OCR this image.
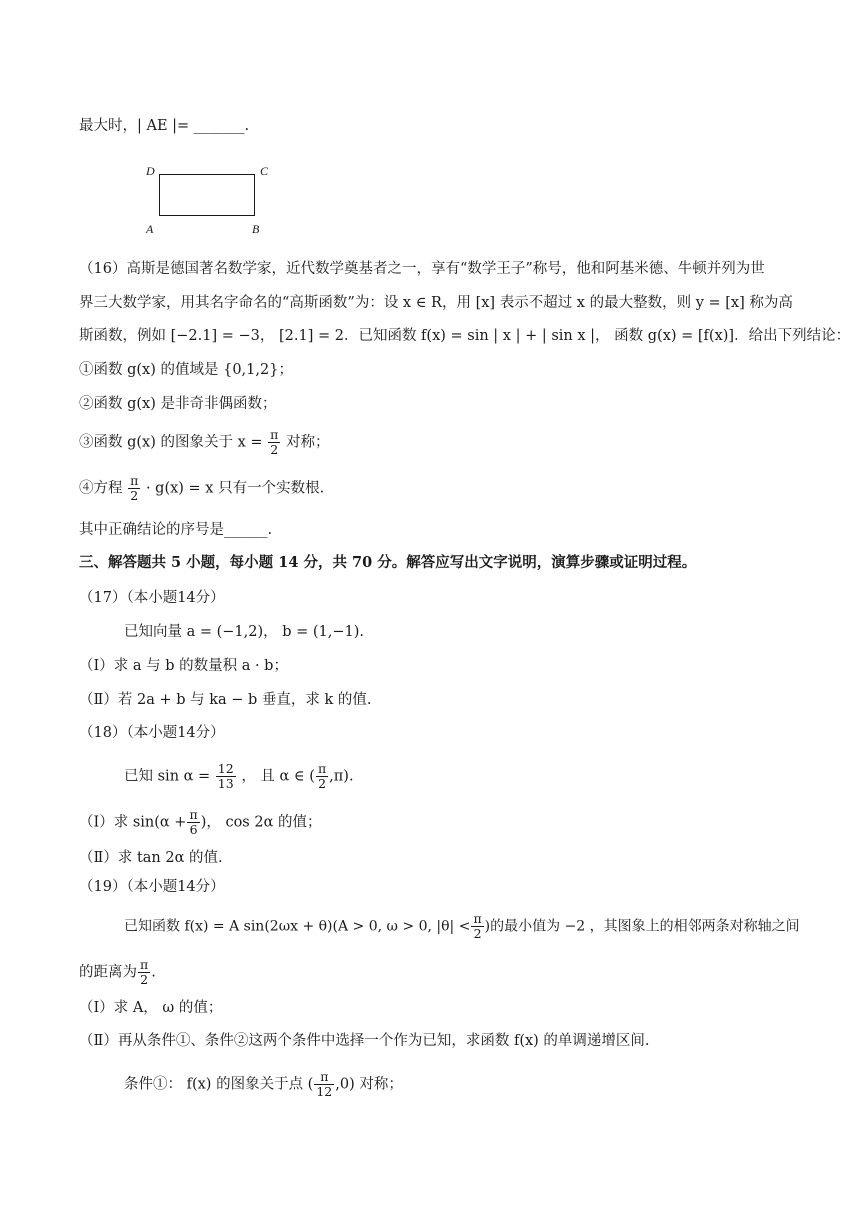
最大时，| AE |= _______.
D	C
A	B
（16）高斯是德国著名数学家，近代数学奠基者之一，享有“数学王子”称号，他和阿基米德、牛顿并列为世
界三大数学家，用其名字命名的“高斯函数”为：设 x ∈ R，用 [x] 表示不超过 x 的最大整数，则 y = [x] 称为高
斯函数，例如 [−2.1] = −3， [2.1] = 2．已知函数 f(x) = sin | x | + | sin x |， 函数 g(x) = [f(x)]．给出下列结论：
①函数 g(x) 的值域是 {0,1,2}；
②函数 g(x) 是非奇非偶函数；
③函数 g(x) 的图象关于 $x = \frac{\pi}{2}$ 对称；
④方程 $\frac{\pi}{2} \cdot g(x) = x$ 只有一个实数根.
其中正确结论的序号是______.
三、解答题共 5 小题，每小题 14 分，共 70 分。解答应写出文字说明，演算步骤或证明过程。
（17）（本小题14分）
已知向量 a = (−1,2)， b = (1,−1).
（Ⅰ）求 a 与 b 的数量积 a · b；
（Ⅱ）若 2a + b 与 ka − b 垂直，求 k 的值.
（18）（本小题14分）
已知 $\sin \alpha = \frac{12}{13}$ ， 且 α ∈ ( $\frac{\pi}{2} ,\pi$).
（Ⅰ）求 $\sin(\alpha + \frac{\pi}{6}$ )， cos 2α 的值；
（Ⅱ）求 tan 2α 的值.
（19）（本小题14分）
已知函数 f(x) = A sin(2ωx + θ)(A > 0, ω > 0, $|\theta| < \frac{\pi}{2}$ )的最小值为 −2 ，其图象上的相邻两条对称轴之间
的距离为 $\frac{\pi}{2}$ .
（Ⅰ）求 A， ω 的值；
（Ⅱ）再从条件①、条件②这两个条件中选择一个作为已知，求函数 f(x) 的单调递增区间.
条件①： f(x) 的图象关于点 ( $\frac{\pi}{12} ,0$) 对称；
